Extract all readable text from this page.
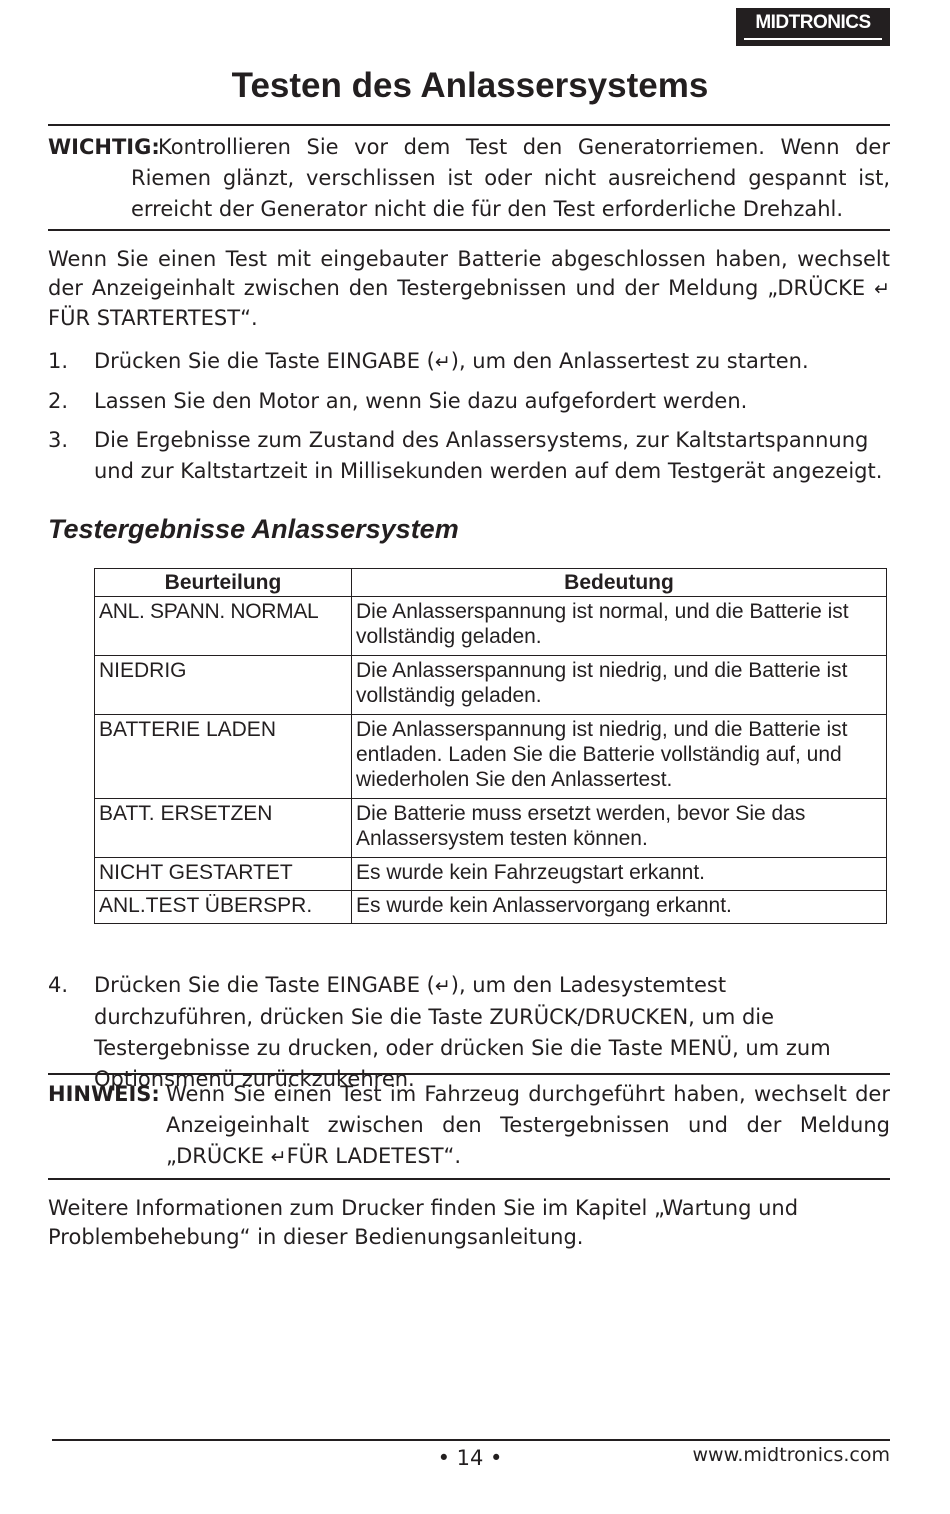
MIDTRONICS
Testen des Anlassersystems
WICHTIG:
Kontrollieren Sie vor dem Test den Generatorriemen. Wenn der Riemen glänzt, verschlissen ist oder nicht ausreichend gespannt ist, erreicht der Generator nicht die für den Test erforderliche Drehzahl.

Wenn Sie einen Test mit eingebauter Batterie abgeschlossen haben, wechselt der Anzeigeinhalt zwischen den Testergebnissen und der Meldung „DRÜCKE ↵ FÜR STARTERTEST“.

1. Drücken Sie die Taste EINGABE (↵), um den Anlassertest zu starten.
2. Lassen Sie den Motor an, wenn Sie dazu aufgefordert werden.
3. Die Ergebnisse zum Zustand des Anlassersystems, zur Kaltstartspannung und zur Kaltstartzeit in Millisekunden werden auf dem Testgerät angezeigt.
Testergebnisse Anlassersystem
Beurteilung	Bedeutung
ANL. SPANN. NORMAL	Die Anlasserspannung ist normal, und die Batterie ist vollständig geladen.
NIEDRIG	Die Anlasserspannung ist niedrig, und die Batterie ist vollständig geladen.
BATTERIE LADEN	Die Anlasserspannung ist niedrig, und die Batterie ist entladen. Laden Sie die Batterie vollständig auf, und wiederholen Sie den Anlassertest.
BATT. ERSETZEN	Die Batterie muss ersetzt werden, bevor Sie das Anlassersystem testen können.
NICHT GESTARTET	Es wurde kein Fahrzeugstart erkannt.
ANL.TEST ÜBERSPR.	Es wurde kein Anlasservorgang erkannt.
4. Drücken Sie die Taste EINGABE (↵), um den Ladesystemtest durchzuführen, drücken Sie die Taste ZURÜCK/DRUCKEN, um die Testergebnisse zu drucken, oder drücken Sie die Taste MENÜ, um zum Optionsmenü zurückzukehren.
HINWEIS: Wenn Sie einen Test im Fahrzeug durchgeführt haben, wechselt der Anzeigeinhalt zwischen den Testergebnissen und der Meldung „DRÜCKE ↵FÜR LADETEST“.

Weitere Informationen zum Drucker finden Sie im Kapitel „Wartung und Problembehebung“ in dieser Bedienungsanleitung.

• 14 •	www.midtronics.com
